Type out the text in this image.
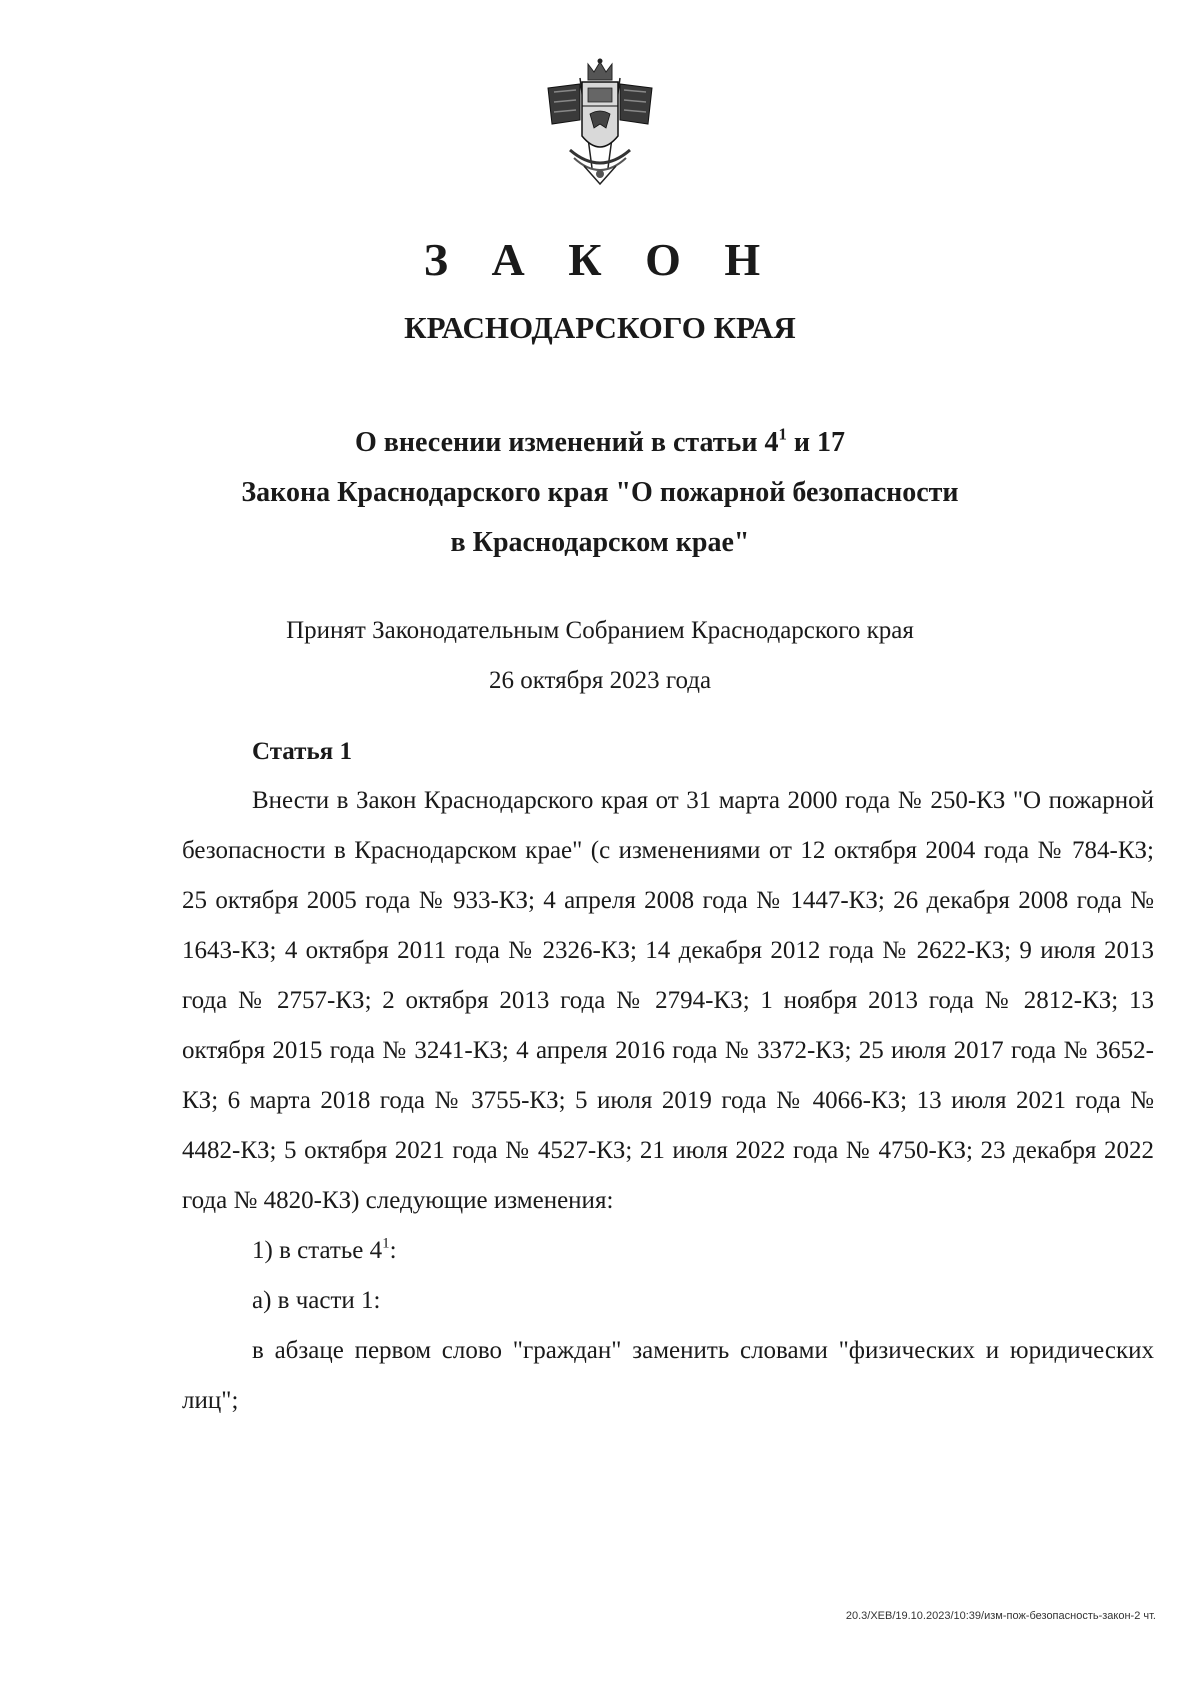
З А К О Н
КРАСНОДАРСКОГО КРАЯ
О внесении изменений в статьи $4^1$ и 17
Закона Краснодарского края "О пожарной безопасности
в Краснодарском крае"
Принят Законодательным Собранием Краснодарского края
26 октября 2023 года
Статья 1

Внести в Закон Краснодарского края от 31 марта 2000 года № 250-КЗ "О пожарной безопасности в Краснодарском крае" (с изменениями от 12 октября 2004 года № 784-КЗ; 25 октября 2005 года № 933-КЗ; 4 апреля 2008 года № 1447-КЗ; 26 декабря 2008 года № 1643-КЗ; 4 октября 2011 года № 2326-КЗ; 14 декабря 2012 года № 2622-КЗ; 9 июля 2013 года № 2757-КЗ; 2 октября 2013 года № 2794-КЗ; 1 ноября 2013 года № 2812-КЗ; 13 октября 2015 года № 3241-КЗ; 4 апреля 2016 года № 3372-КЗ; 25 июля 2017 года № 3652-КЗ; 6 марта 2018 года № 3755-КЗ; 5 июля 2019 года № 4066-КЗ; 13 июля 2021 года № 4482-КЗ; 5 октября 2021 года № 4527-КЗ; 21 июля 2022 года № 4750-КЗ; 23 декабря 2022 года № 4820-КЗ) следующие изменения:

1) в статье $4^1$:

а) в части 1:

в абзаце первом слово "граждан" заменить словами "физических и юридических лиц";

20.3/ХЕВ/19.10.2023/10:39/изм-пож-безопасность-закон-2 чт.
